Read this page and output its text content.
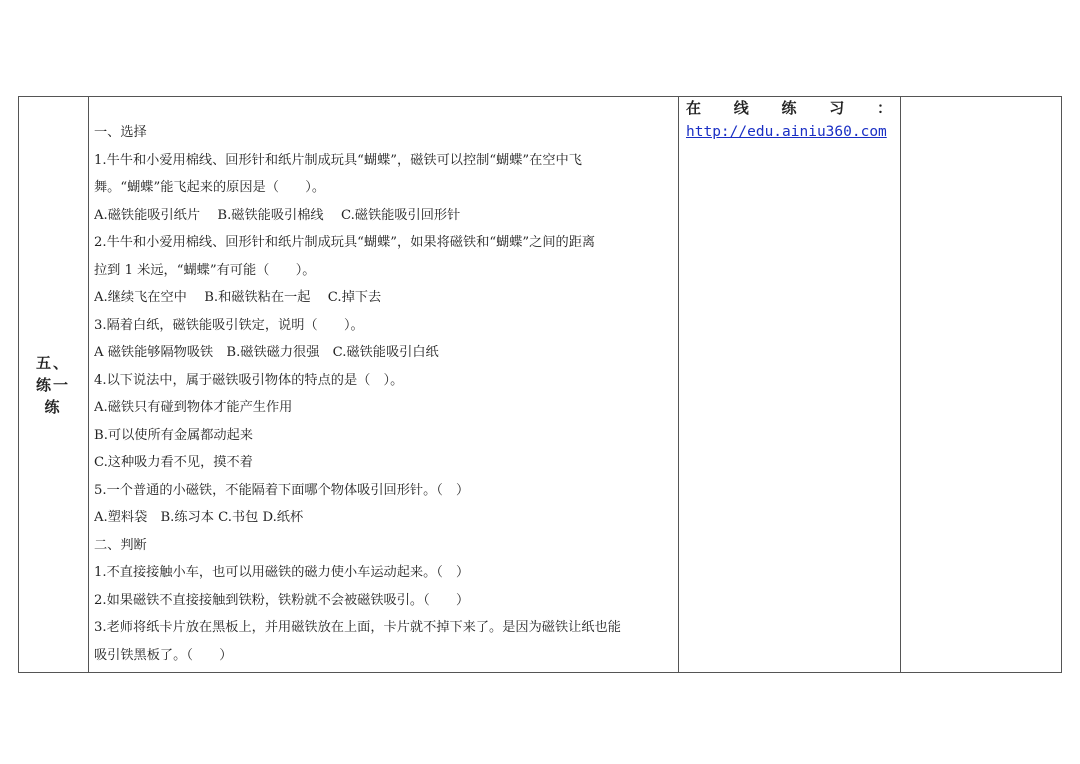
五、练一练
一、选择
1.牛牛和小爱用棉线、回形针和纸片制成玩具“蝴蝶”，磁铁可以控制“蝴蝶”在空中飞
舞。“蝴蝶”能飞起来的原因是（　　）。
A.磁铁能吸引纸片　 B.磁铁能吸引棉线　 C.磁铁能吸引回形针
2.牛牛和小爱用棉线、回形针和纸片制成玩具“蝴蝶”，如果将磁铁和“蝴蝶”之间的距离
拉到 1 米远，“蝴蝶”有可能（　　）。
A.继续飞在空中　 B.和磁铁粘在一起　 C.掉下去
3.隔着白纸，磁铁能吸引铁定，说明（　　）。
A 磁铁能够隔物吸铁　B.磁铁磁力很强　C.磁铁能吸引白纸
4.以下说法中，属于磁铁吸引物体的特点的是（　）。
A.磁铁只有碰到物体才能产生作用
B.可以使所有金属都动起来
C.这种吸力看不见，摸不着
5.一个普通的小磁铁，不能隔着下面哪个物体吸引回形针。（　）
A.塑料袋　B.练习本 C.书包 D.纸杯
二、判断
1.不直接接触小车，也可以用磁铁的磁力使小车运动起来。（　）
2.如果磁铁不直接接触到铁粉，铁粉就不会被磁铁吸引。（　　）
3.老师将纸卡片放在黑板上，并用磁铁放在上面，卡片就不掉下来了。是因为磁铁让纸也能
吸引铁黑板了。（　　）
在 线 练 习 ：
http://edu.ainiu360.com
